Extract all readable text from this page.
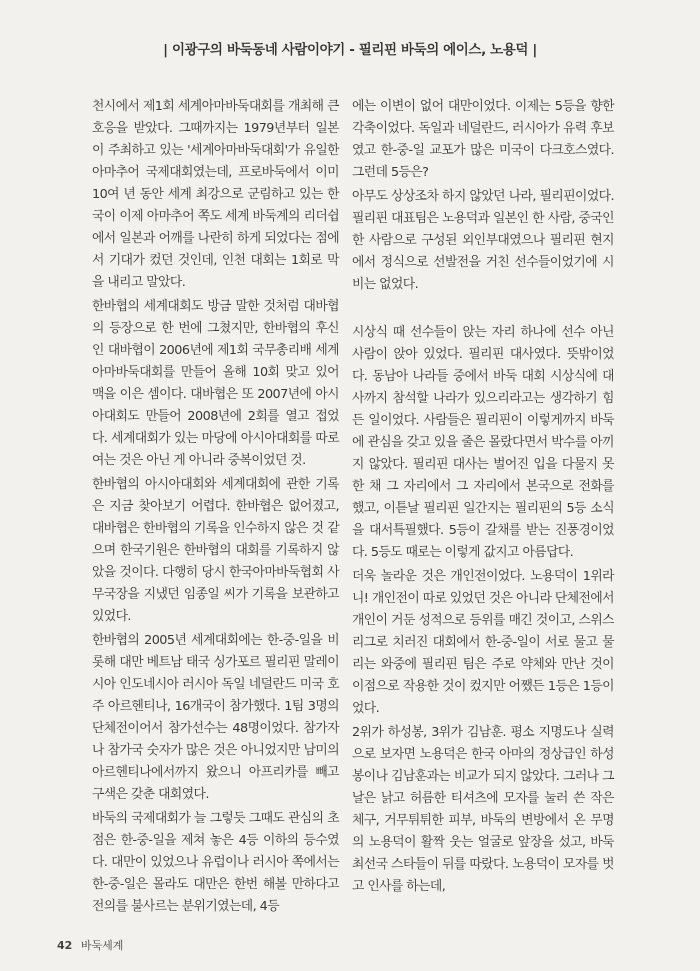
| 이광구의 바둑동네 사람이야기 - 필리핀 바둑의 에이스, 노용덕 |

천시에서 제1회 세계아마바둑대회를 개최해 큰 호응을 받았다. 그때까지는 1979년부터 일본이 주최하고 있는 '세계아마바둑대회'가 유일한 아마추어 국제대회였는데, 프로바둑에서 이미 10여 년 동안 세계 최강으로 군림하고 있는 한국이 이제 아마추어 쪽도 세계 바둑계의 리더쉽에서 일본과 어깨를 나란히 하게 되었다는 점에서 기대가 컸던 것인데, 인천 대회는 1회로 막을 내리고 말았다.

한바협의 세계대회도 방금 말한 것처럼 대바협의 등장으로 한 번에 그쳤지만, 한바협의 후신인 대바협이 2006년에 제1회 국무총리배 세계아마바둑대회를 만들어 올해 10회 맞고 있어 맥을 이은 셈이다. 대바협은 또 2007년에 아시아대회도 만들어 2008년에 2회를 열고 접었다. 세계대회가 있는 마당에 아시아대회를 따로 여는 것은 아닌 게 아니라 중복이었던 것.

한바협의 아시아대회와 세계대회에 관한 기록은 지금 찾아보기 어렵다. 한바협은 없어졌고, 대바협은 한바협의 기록을 인수하지 않은 것 같으며 한국기원은 한바협의 대회를 기록하지 않았을 것이다. 다행히 당시 한국아마바둑협회 사무국장을 지냈던 임종일 씨가 기록을 보관하고 있었다.

한바협의 2005년 세계대회에는 한-중-일을 비롯해 대만 베트남 태국 싱가포르 필리핀 말레이시아 인도네시아 러시아 독일 네덜란드 미국 호주 아르헨티나, 16개국이 참가했다. 1팀 3명의 단체전이어서 참가선수는 48명이었다. 참가자나 참가국 숫자가 많은 것은 아니었지만 남미의 아르헨티나에서까지 왔으니 아프리카를 빼고 구색은 갖춘 대회였다.

바둑의 국제대회가 늘 그렇듯 그때도 관심의 초점은 한-중-일을 제쳐 놓은 4등 이하의 등수였다. 대만이 있었으나 유럽이나 러시아 쪽에서는 한-중-일은 몰라도 대만은 한번 해볼 만하다고 전의를 불사르는 분위기였는데, 4등

에는 이변이 없어 대만이었다. 이제는 5등을 향한 각축이었다. 독일과 네덜란드, 러시아가 유력 후보였고 한-중-일 교포가 많은 미국이 다크호스였다. 그런데 5등은?

아무도 상상조차 하지 않았던 나라, 필리핀이었다. 필리핀 대표팀은 노용덕과 일본인 한 사람, 중국인 한 사람으로 구성된 외인부대였으나 필리핀 현지에서 정식으로 선발전을 거친 선수들이었기에 시비는 없었다.

시상식 때 선수들이 앉는 자리 하나에 선수 아닌 사람이 앉아 있었다. 필리핀 대사였다. 뜻밖이었다. 동남아 나라들 중에서 바둑 대회 시상식에 대사까지 참석할 나라가 있으리라고는 생각하기 힘든 일이었다. 사람들은 필리핀이 이렇게까지 바둑에 관심을 갖고 있을 줄은 몰랐다면서 박수를 아끼지 않았다. 필리핀 대사는 벌어진 입을 다물지 못한 채 그 자리에서 그 자리에서 본국으로 전화를 했고, 이튿날 필리핀 일간지는 필리핀의 5등 소식을 대서특필했다. 5등이 갈채를 받는 진풍경이었다. 5등도 때로는 이렇게 값지고 아름답다.

더욱 놀라운 것은 개인전이었다. 노용덕이 1위라니! 개인전이 따로 있었던 것은 아니라 단체전에서 개인이 거둔 성적으로 등위를 매긴 것이고, 스위스 리그로 치러진 대회에서 한-중-일이 서로 물고 물리는 와중에 필리핀 팀은 주로 약체와 만난 것이 이점으로 작용한 것이 컸지만 어쨌든 1등은 1등이었다.

2위가 하성봉, 3위가 김남훈. 평소 지명도나 실력으로 보자면 노용덕은 한국 아마의 정상급인 하성봉이나 김남훈과는 비교가 되지 않았다. 그러나 그 날은 낡고 허름한 티셔츠에 모자를 눌러 쓴 작은 체구, 거무튀튀한 피부, 바둑의 변방에서 온 무명의 노용덕이 활짝 웃는 얼굴로 앞장을 섰고, 바둑 최선국 스타들이 뒤를 따랐다. 노용덕이 모자를 벗고 인사를 하는데,

42 바둑세계
